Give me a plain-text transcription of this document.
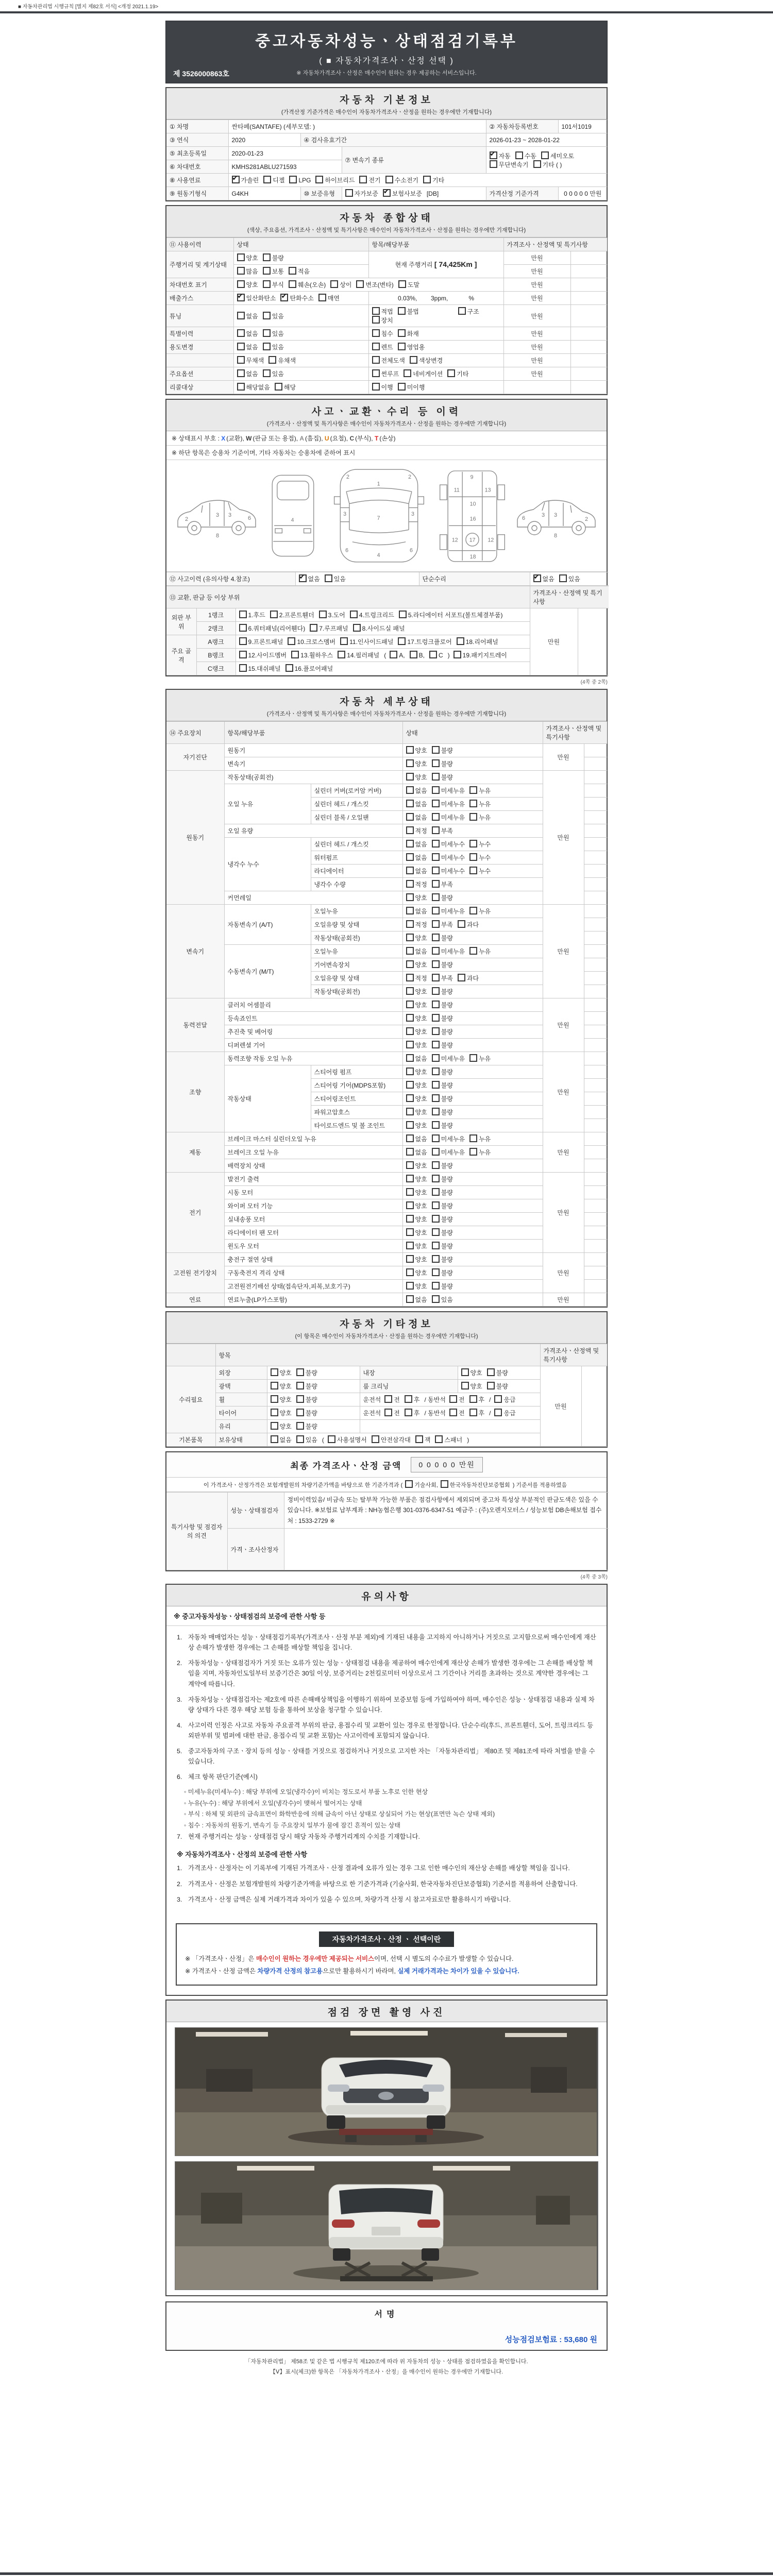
■ 자동차관리법 시행규칙 [별지 제82호 서식] <개정 2021.1.19>
중고자동차성능ㆍ상태점검기록부
( ■ 자동차가격조사ㆍ산정 선택 )
※ 자동차가격조사ㆍ산정은 매수인이 원하는 경우 제공하는 서비스입니다.
제 3526000863호
자동차 기본정보
(가격산정 기준가격은 매수인이 자동차가격조사ㆍ산정을 원하는 경우에만 기재합니다)
① 차명	싼타페(SANTAFE) (세부모델: )			② 자동차등록번호	101서1019
③ 연식	2020	④ 검사유효기간		2026-01-23 ~ 2028-01-22	
⑤ 최초등록일	2020-01-23		⑦ 변속기 종류	✔자동 수동 세미오토무단변속기 기타 ( )
⑥ 차대번호	KMHS281ABLU271593				
⑧ 사용연료	✔가솔린 디젤 LPG 하이브리드 전기 수소전기 기타
⑨ 원동기형식	G4KH	⑩ 보증유형	자가보증 ✔ 보험사보증 [DB]	가격산정 기준가격	0 0 0 0 0 만원
자동차 종합상태
(색상, 주요옵션, 가격조사ㆍ산정액 및 특기사항은 매수인이 자동차가격조사ㆍ산정을 원하는 경우에만 기재합니다)
⑪ 사용이력	상태	항목/해당부품	가격조사ㆍ산정액 및 특기사항	
주행거리 및 계기상태	양호 불량	현재 주행거리 [ 74,425Km ]	만원	
	많음 보통 적음		만원	
차대번호 표기	양호 부식 훼손(오손) 상이 변조(변타) 도말		만원	
배출가스	✔일산화탄소 ✔ 탄화수소 매연	0.03%,        3ppm,            %	만원	
튜닝	없음 있음	적법 불법 구조장치	만원	
특별이력	없음 있음	침수 화재	만원	
용도변경	없음 있음	렌트 영업용	만원	
	무채색 유채색	전체도색 색상변경	만원	
주요옵션	없음 있음	썬루프 네비게이션 기타	만원	
리콜대상	해당없음 해당	이행 미이행		
사고ㆍ교환ㆍ수리 등 이력
(가격조사ㆍ산정액 및 특기사항은 매수인이 자동차가격조사ㆍ산정을 원하는 경우에만 기재합니다)
※ 상태표시 부호 : X (교환), W (판금 또는 용접), A (흠집), U (요철), C (부식), T (손상)
※ 하단 항목은 승용차 기준이며, 기타 자동차는 승용차에 준하여 표시
2
3 3	6
8
4
1
2	2
3	3
7
6	6
4
9
11	13
10
16
12 17 12
18
6	3
3
2
8
⑫ 사고이력 (유의사항 4.참조)	✔없음 있음	단순수리	✔없음 있음
⑬ 교환, 판금 등 이상 부위			가격조사ㆍ산정액 및 특기사항	
외판 부위	1랭크	1.후드 2.프론트휀더 3.도어 4.트렁크리드 5.라디에이터 서포트(볼트체결부품)	만원	
	2랭크	6.쿼터패널(리어휀다) 7.루프패널 8.사이드실 패널		
주요 골격	A랭크	9.프론트패널 10.크로스멤버 11.인사이드패널 17.트렁크플로어 18.리어패널		
	B랭크	12.사이드멤버 13.휠하우스 14.필러패널 ( A, B, C ) 19.패키지트레이		
	C랭크	15.대쉬패널 16.플로어패널		
(4쪽 중 2쪽)
자동차 세부상태
(가격조사ㆍ산정액 및 특기사항은 매수인이 자동차가격조사ㆍ산정을 원하는 경우에만 기재합니다)
⑭ 주요장치	항목/해당부품		상태	가격조사ㆍ산정액 및 특기사항	
자기진단	원동기		양호 불량	만원	
	변속기		양호 불량		
원동기	작동상태(공회전)		양호 불량	만원	
	오일 누유	실린더 커버(로커암 커버)	없음 미세누유 누유		
		실린더 헤드 / 개스킷	없음 미세누유 누유		
		실린더 블록 / 오일팬	없음 미세누유 누유		
	오일 유량		적정 부족		
	냉각수 누수	실린더 헤드 / 개스킷	없음 미세누수 누수		
		워터펌프	없음 미세누수 누수		
		라디에이터	없음 미세누수 누수		
		냉각수 수량	적정 부족		
	커먼레일		양호 불량		
변속기	자동변속기 (A/T)	오일누유	없음 미세누유 누유	만원	
		오일유량 및 상태	적정 부족 과다		
		작동상태(공회전)	양호 불량		
	수동변속기 (M/T)	오일누유	없음 미세누유 누유		
		기어변속장치	양호 불량		
		오일유량 및 상태	적정 부족 과다		
		작동상태(공회전)	양호 불량		
동력전달	클러치 어셈블리		양호 불량	만원	
	등속죠인트		양호 불량		
	추진축 및 베어링		양호 불량		
	디퍼렌셜 기어		양호 불량		
조향	동력조향 작동 오일 누유		없음 미세누유 누유	만원	
	작동상태	스티어링 펌프	양호 불량		
		스티어링 기어(MDPS포함)	양호 불량		
		스티어링조인트	양호 불량		
		파워고압호스	양호 불량		
		타이로드엔드 및 볼 조인트	양호 불량		
제동	브레이크 마스터 실린더오일 누유		없음 미세누유 누유	만원	
	브레이크 오일 누유		없음 미세누유 누유		
	배력장치 상태		양호 불량		
전기	발전기 출력		양호 불량	만원	
	시동 모터		양호 불량		
	와이퍼 모터 기능		양호 불량		
	실내송풍 모터		양호 불량		
	라디에이터 팬 모터		양호 불량		
	윈도우 모터		양호 불량		
고전원 전기장치	충전구 절연 상태		양호 불량	만원	
	구동축전지 격리 상태		양호 불량		
	고전원전기배선 상태(접속단자,피복,보호기구)		양호 불량		
연료	연료누출(LP가스포함)		없음 있음	만원	
자동차 기타정보
(이 항목은 매수인이 자동차가격조사ㆍ산정을 원하는 경우에만 기재합니다)
	항목				가격조사ㆍ산정액 및 특기사항	
수리필요	외장	양호 불량	내장	양호 불량	만원	
	광택	양호 불량	룸 크리닝	양호 불량		
	휠	양호 불량	운전석 전 후 / 동반석 전 후 / 응급			
	타이어	양호 불량	운전석 전 후 / 동반석 전 후 / 응급			
	유리	양호 불량				
기본품목	보유상태	없음 있음 ( 사용설명서 안전삼각대 잭 스패너 )				
최종 가격조사ㆍ산정 금액	0 0 0 0 0 만원
이 가격조사ㆍ산정가격은 보험개발원의 차량기준가액을 바탕으로 한 기준가격과 ( 기술사회, 한국자동차진단보증협회 ) 기준서를 적용하였음
특기사항 및 점검자의 의견	성능ㆍ상태점검자	정비이력있음/ 비금속 또는 탈부착 가능한 부품은 점검사항에서 제외되며 중고차 특성상 부분적인 판금도색은 있을 수 있습니다. ※보험료 납부계좌 : NH농협은행 301-0376-6347-51 예금주 : (주)오렌지모터스 / 성능보험 DB손해보험 접수처 : 1533-2729 ※
	가격ㆍ조사산정자	
(4쪽 중 3쪽)
유의사항
※ 중고자동차성능ㆍ상태점검의 보증에 관한 사항 등
1. 자동차 매매업자는 성능ㆍ상태점검기록부(가격조사ㆍ산정 부분 제외)에 기재된 내용을 고지하지 아니하거나 거짓으로 고지함으로써 매수인에게 재산상 손해가 발생한 경우에는 그 손해를 배상할 책임을 집니다.
2. 자동차성능ㆍ상태점검자가 거짓 또는 오류가 있는 성능ㆍ상태점검 내용을 제공하여 매수인에게 재산상 손해가 발생한 경우에는 그 손해를 배상할 책임을 지며, 자동차인도일부터 보증기간은 30일 이상, 보증거리는 2천킬로미터 이상으로서 그 기간이나 거리를 초과하는 것으로 계약한 경우에는 그 계약에 따릅니다.
3. 자동차성능ㆍ상태점검자는 제2호에 따른 손해배상책임을 이행하기 위하여 보증보험 등에 가입하여야 하며, 매수인은 성능ㆍ상태점검 내용과 실제 차량 상태가 다른 경우 해당 보험 등을 통하여 보상을 청구할 수 있습니다.
4. 사고이력 인정은 사고로 자동차 주요골격 부위의 판금, 용접수리 및 교환이 있는 경우로 한정합니다. 단순수리(후드, 프론트휀더, 도어, 트렁크리드 등 외판부위 및 범퍼에 대한 판금, 용접수리 및 교환 포함)는 사고이력에 포함되지 않습니다.
5. 중고자동차의 구조ㆍ장치 등의 성능ㆍ상태를 거짓으로 점검하거나 거짓으로 고지한 자는 「자동차관리법」 제80조 및 제81조에 따라 처벌을 받을 수 있습니다.
6. 체크 항목 판단기준(예시)
◦ 미세누유(미세누수) : 해당 부위에 오일(냉각수)이 비치는 정도로서 부품 노후로 인한 현상
◦ 누유(누수) : 해당 부위에서 오일(냉각수)이 맺혀서 떨어지는 상태
◦ 부식 : 하체 및 외판의 금속표면이 화학반응에 의해 금속이 아닌 상태로 상실되어 가는 현상(표면만 녹슨 상태 제외)
◦ 침수 : 자동차의 원동기, 변속기 등 주요장치 일부가 물에 잠긴 흔적이 있는 상태
7. 현재 주행거리는 성능ㆍ상태점검 당시 해당 자동차 주행거리계의 수치를 기재합니다.
※ 자동차가격조사ㆍ산정의 보증에 관한 사항
1. 가격조사ㆍ산정자는 이 기록부에 기재된 가격조사ㆍ산정 결과에 오류가 있는 경우 그로 인한 매수인의 재산상 손해를 배상할 책임을 집니다.
2. 가격조사ㆍ산정은 보험개발원의 차량기준가액을 바탕으로 한 기준가격과 (기술사회, 한국자동차진단보증협회) 기준서를 적용하여 산출합니다.
3. 가격조사ㆍ산정 금액은 실제 거래가격과 차이가 있을 수 있으며, 차량가격 산정 시 참고자료로만 활용하시기 바랍니다.
자동차가격조사ㆍ산정 ㆍ 선택이란

※ 「가격조사ㆍ산정」은 매수인이 원하는 경우에만 제공되는 서비스이며, 선택 시 별도의 수수료가 발생할 수 있습니다.

※ 가격조사ㆍ산정 금액은 차량가격 산정의 참고용으로만 활용하시기 바라며, 실제 거래가격과는 차이가 있을 수 있습니다.

점검 장면 촬영 사진
서명
성능점검보험료 : 53,680 원
「자동차관리법」 제58조 및 같은 법 시행규칙 제120조에 따라 위 자동차의 성능ㆍ상태를 점검하였음을 확인합니다.
【Ⅴ】표시(체크)한 항목은 「자동차가격조사ㆍ산정」을 매수인이 원하는 경우에만 기재합니다.
